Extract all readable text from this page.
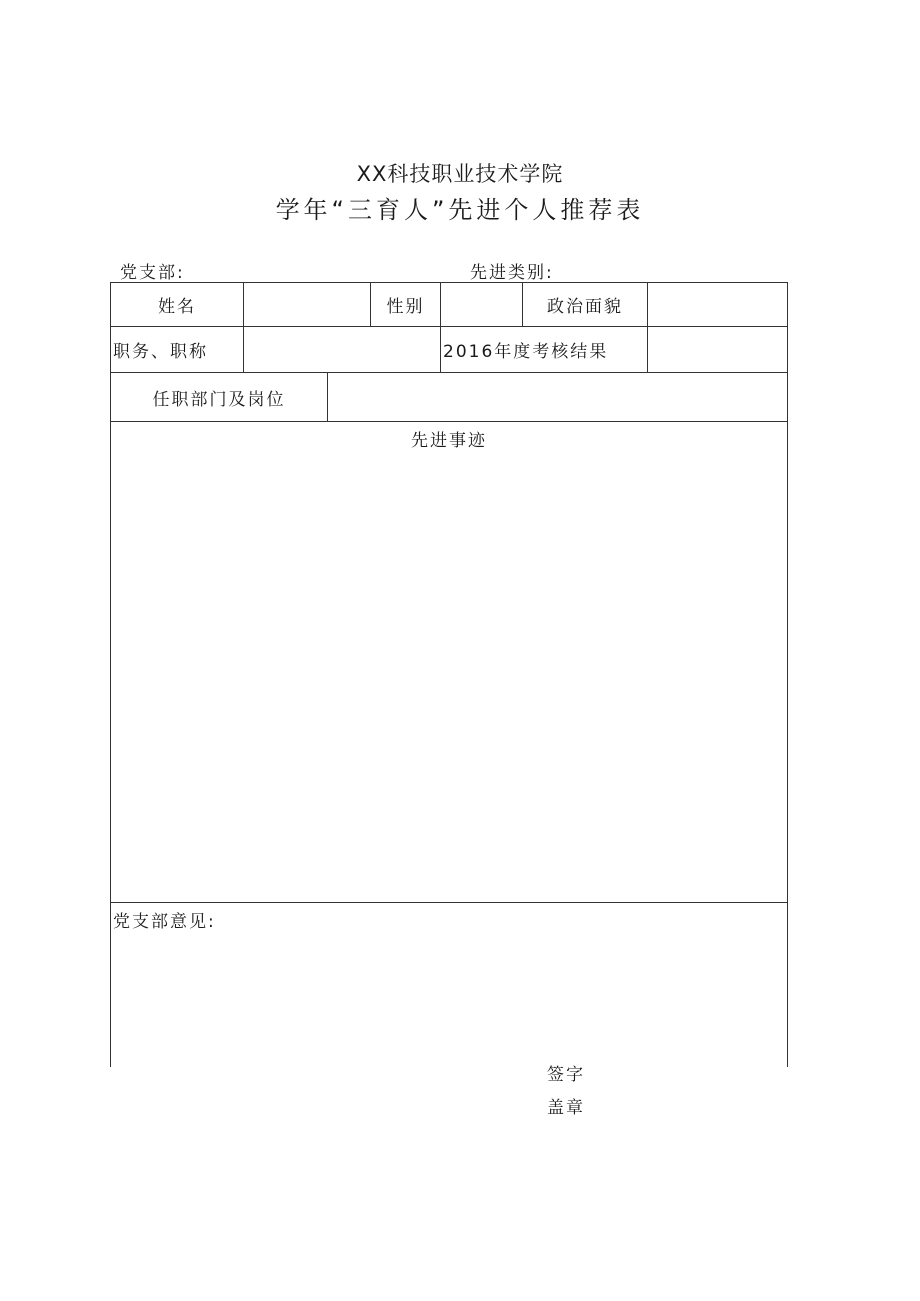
XX科技职业技术学院
学年“三育人”先进个人推荐表
党支部:	先进类别:
姓名			性别		政治面貌	
职务、职称				2016年度考核结果		
任职部门及岗位						
先进事迹						
党支部意见:						
签字
盖章
